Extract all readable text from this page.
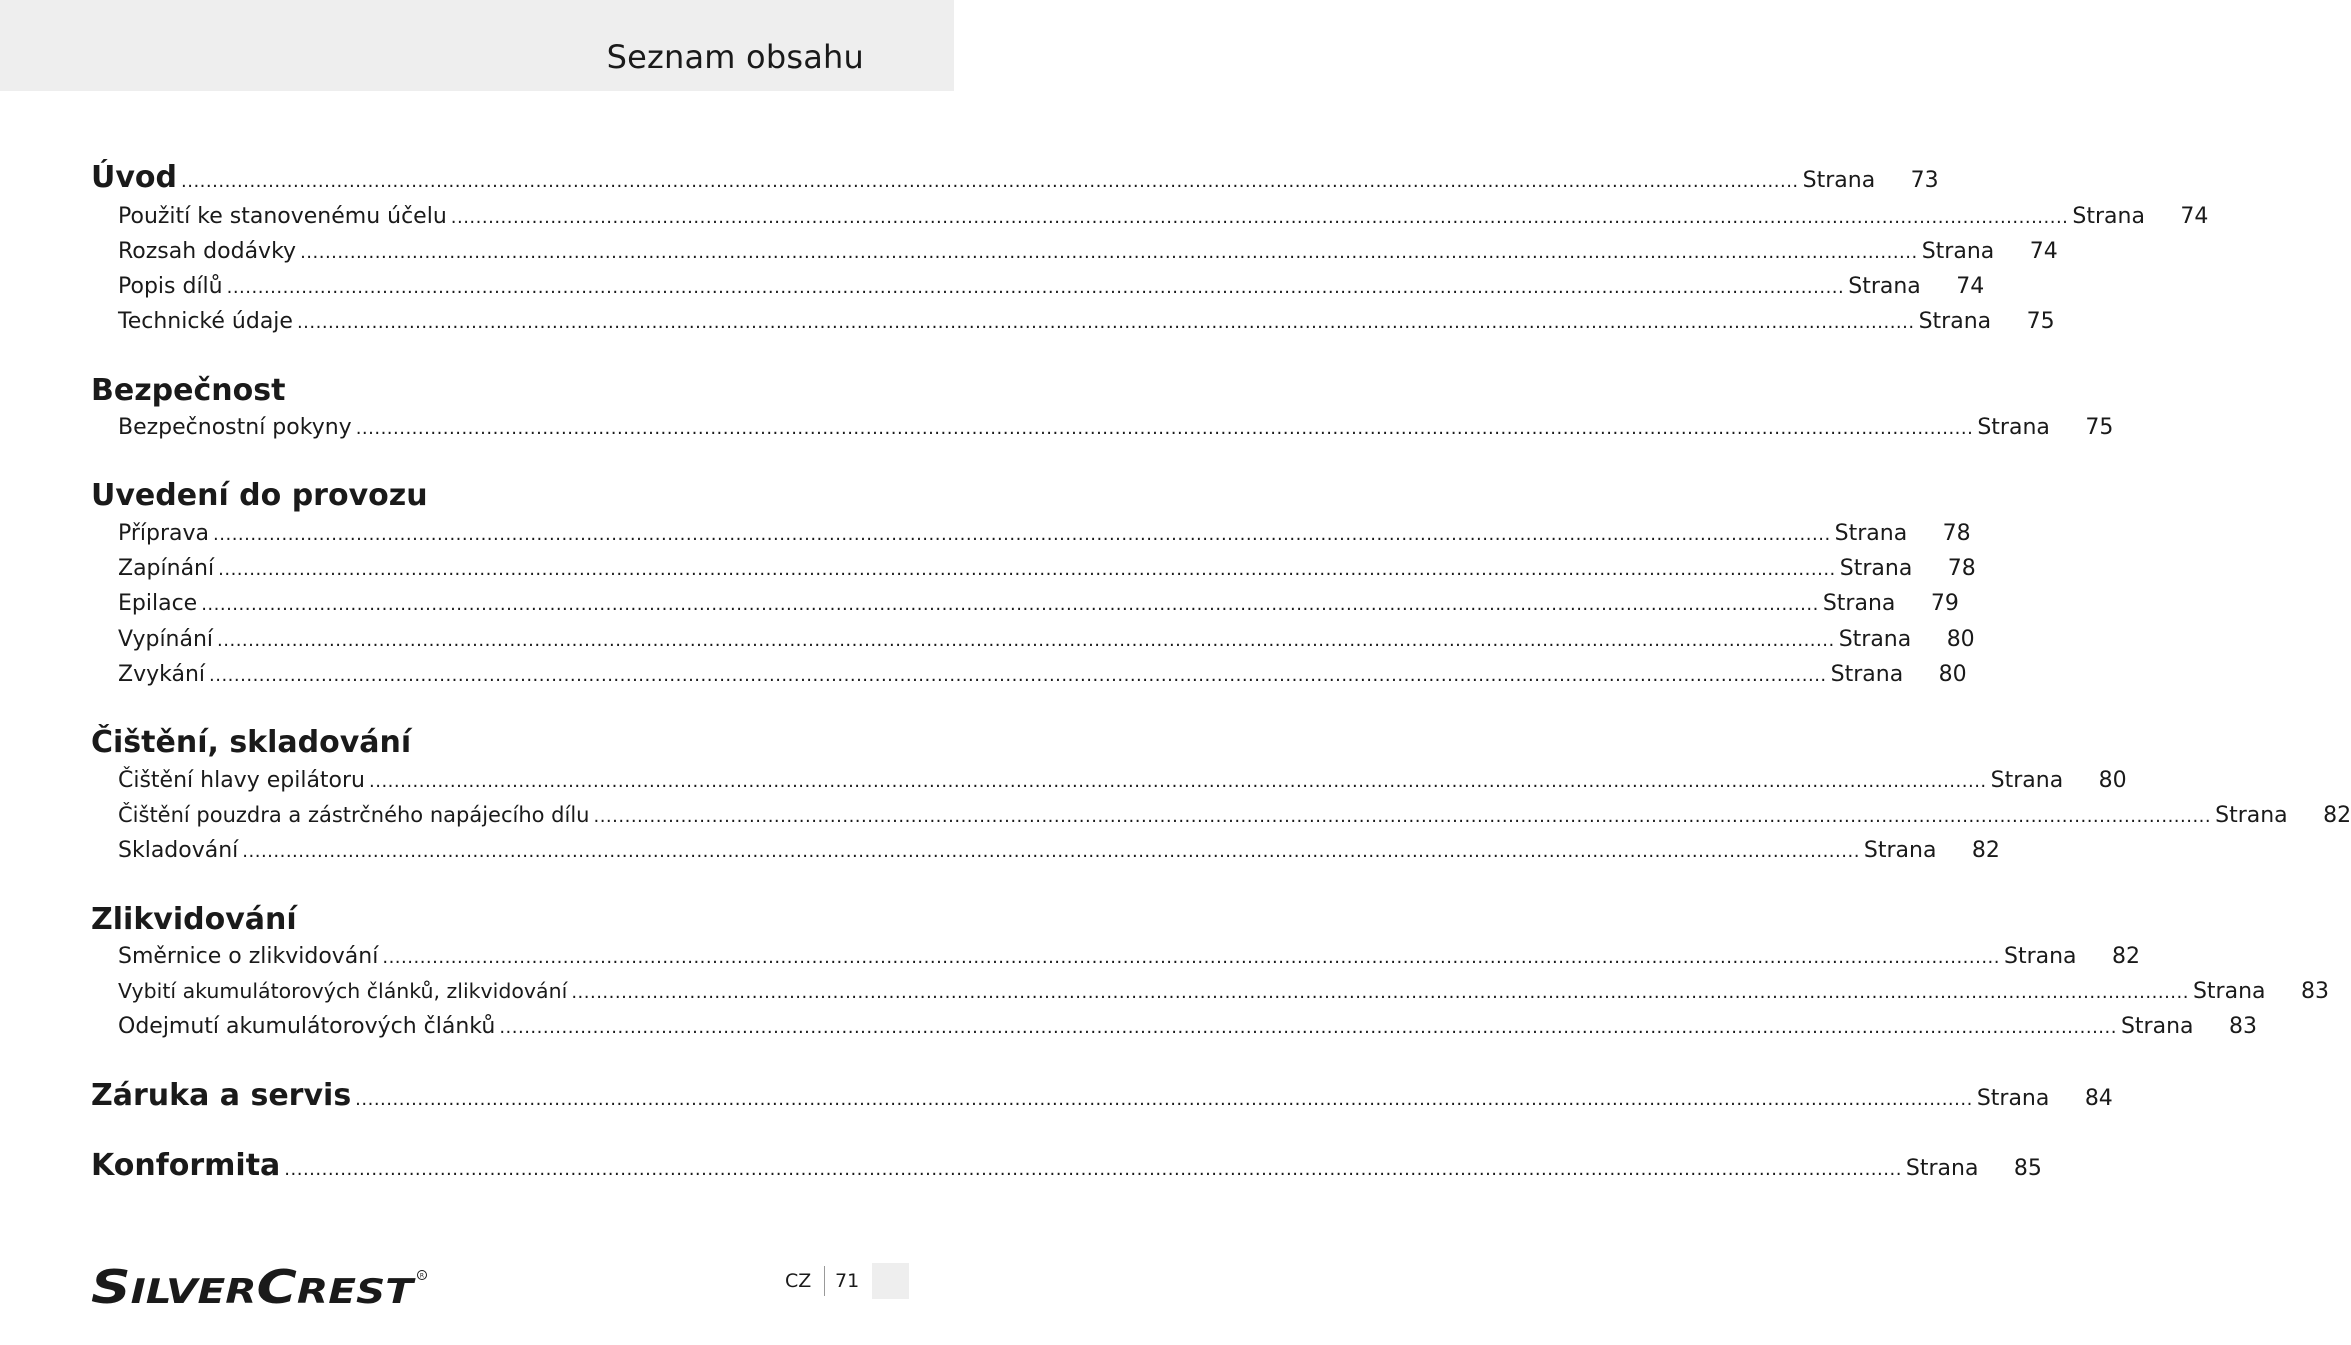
Seznam obsahu
Úvod .................................................................................................................................................................................................................................................................... Strana	73
Použití ke stanovenému účelu .................................................................................................................................................................................................................................................................... Strana	74
Rozsah dodávky .................................................................................................................................................................................................................................................................... Strana	74
Popis dílů .................................................................................................................................................................................................................................................................... Strana	74
Technické údaje .................................................................................................................................................................................................................................................................... Strana	75
Bezpečnost
Bezpečnostní pokyny .................................................................................................................................................................................................................................................................... Strana	75
Uvedení do provozu
Příprava .................................................................................................................................................................................................................................................................... Strana	78
Zapínání .................................................................................................................................................................................................................................................................... Strana	78
Epilace .................................................................................................................................................................................................................................................................... Strana	79
Vypínání .................................................................................................................................................................................................................................................................... Strana	80
Zvykání .................................................................................................................................................................................................................................................................... Strana	80
Čištění, skladování
Čištění hlavy epilátoru .................................................................................................................................................................................................................................................................... Strana	80
Čištění pouzdra a zástrčného napájecího dílu .................................................................................................................................................................................................................................................................... Strana	82
Skladování .................................................................................................................................................................................................................................................................... Strana	82
Zlikvidování
Směrnice o zlikvidování .................................................................................................................................................................................................................................................................... Strana	82
Vybití akumulátorových článků, zlikvidování .................................................................................................................................................................................................................................................................... Strana	83
Odejmutí akumulátorových článků .................................................................................................................................................................................................................................................................... Strana	83
Záruka a servis .................................................................................................................................................................................................................................................................... Strana	84
Konformita .................................................................................................................................................................................................................................................................... Strana	85
S ILVER C REST	R	CZ 71
